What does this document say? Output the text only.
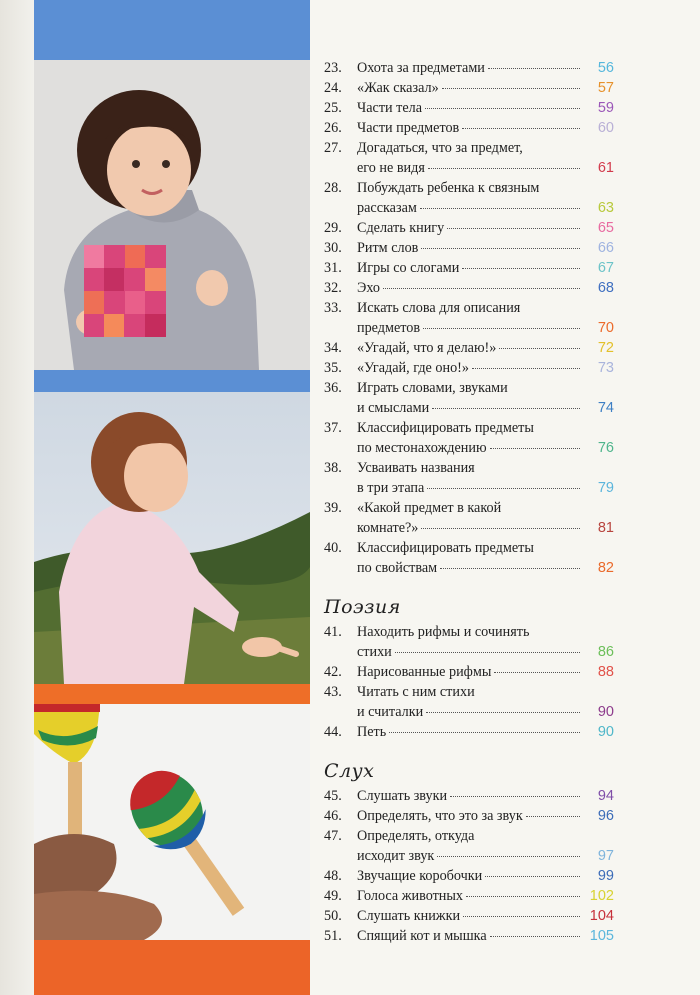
23.	Охота за предметами	56
24.	«Жак сказал»	57
25.	Части тела	59
26.	Части предметов	60
27.	Догадаться, что за предмет,
его не видя	61
28.	Побуждать ребенка к связным
рассказам	63
29.	Сделать книгу	65
30.	Ритм слов	66
31.	Игры со слогами	67
32.	Эхо	68
33.	Искать слова для описания
предметов	70
34.	«Угадай, что я делаю!»	72
35.	«Угадай, где оно!»	73
36.	Играть словами, звуками
и смыслами	74
37.	Классифицировать предметы
по местонахождению	76
38.	Усваивать названия
в три этапа	79
39.	«Какой предмет в какой
комнате?»	81
40.	Классифицировать предметы
по свойствам	82
Поэзия
41.	Находить рифмы и сочинять
стихи	86
42.	Нарисованные рифмы	88
43.	Читать с ним стихи
и считалки	90
44.	Петь	90
Слух
45.	Слушать звуки	94
46.	Определять, что это за звук	96
47.	Определять, откуда
исходит звук	97
48.	Звучащие коробочки	99
49.	Голоса животных	102
50.	Слушать книжки	104
51.	Спящий кот и мышка	105
